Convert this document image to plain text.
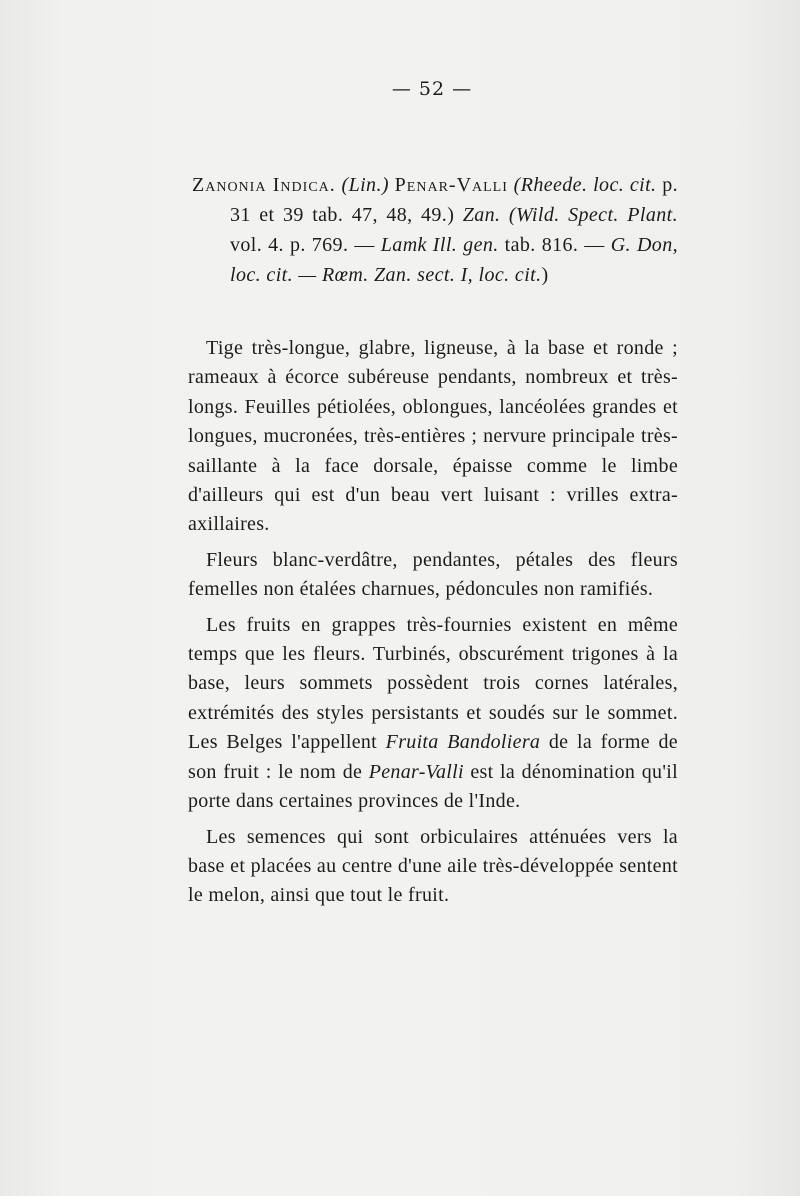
— 52 —

Zanonia Indica. (Lin.) Penar-Valli (Rheede. loc. cit. p. 31 et 39 tab. 47, 48, 49.) Zan. (Wild. Spect. Plant. vol. 4. p. 769. — Lamk Ill. gen. tab. 816. — G. Don, loc. cit. — Rœm. Zan. sect. I, loc. cit.)

Tige très-longue, glabre, ligneuse, à la base et ronde ; rameaux à écorce subéreuse pendants, nombreux et très-longs. Feuilles pétiolées, oblongues, lancéolées grandes et longues, mucronées, très-entières ; nervure principale très-saillante à la face dorsale, épaisse comme le limbe d'ailleurs qui est d'un beau vert luisant : vrilles extra-axillaires.

Fleurs blanc-verdâtre, pendantes, pétales des fleurs femelles non étalées charnues, pédoncules non ramifiés.

Les fruits en grappes très-fournies existent en même temps que les fleurs. Turbinés, obscurément trigones à la base, leurs sommets possèdent trois cornes latérales, extrémités des styles persistants et soudés sur le sommet. Les Belges l'appellent Fruita Bandoliera de la forme de son fruit : le nom de Penar-Valli est la dénomination qu'il porte dans certaines provinces de l'Inde.

Les semences qui sont orbiculaires atténuées vers la base et placées au centre d'une aile très-développée sentent le melon, ainsi que tout le fruit.
